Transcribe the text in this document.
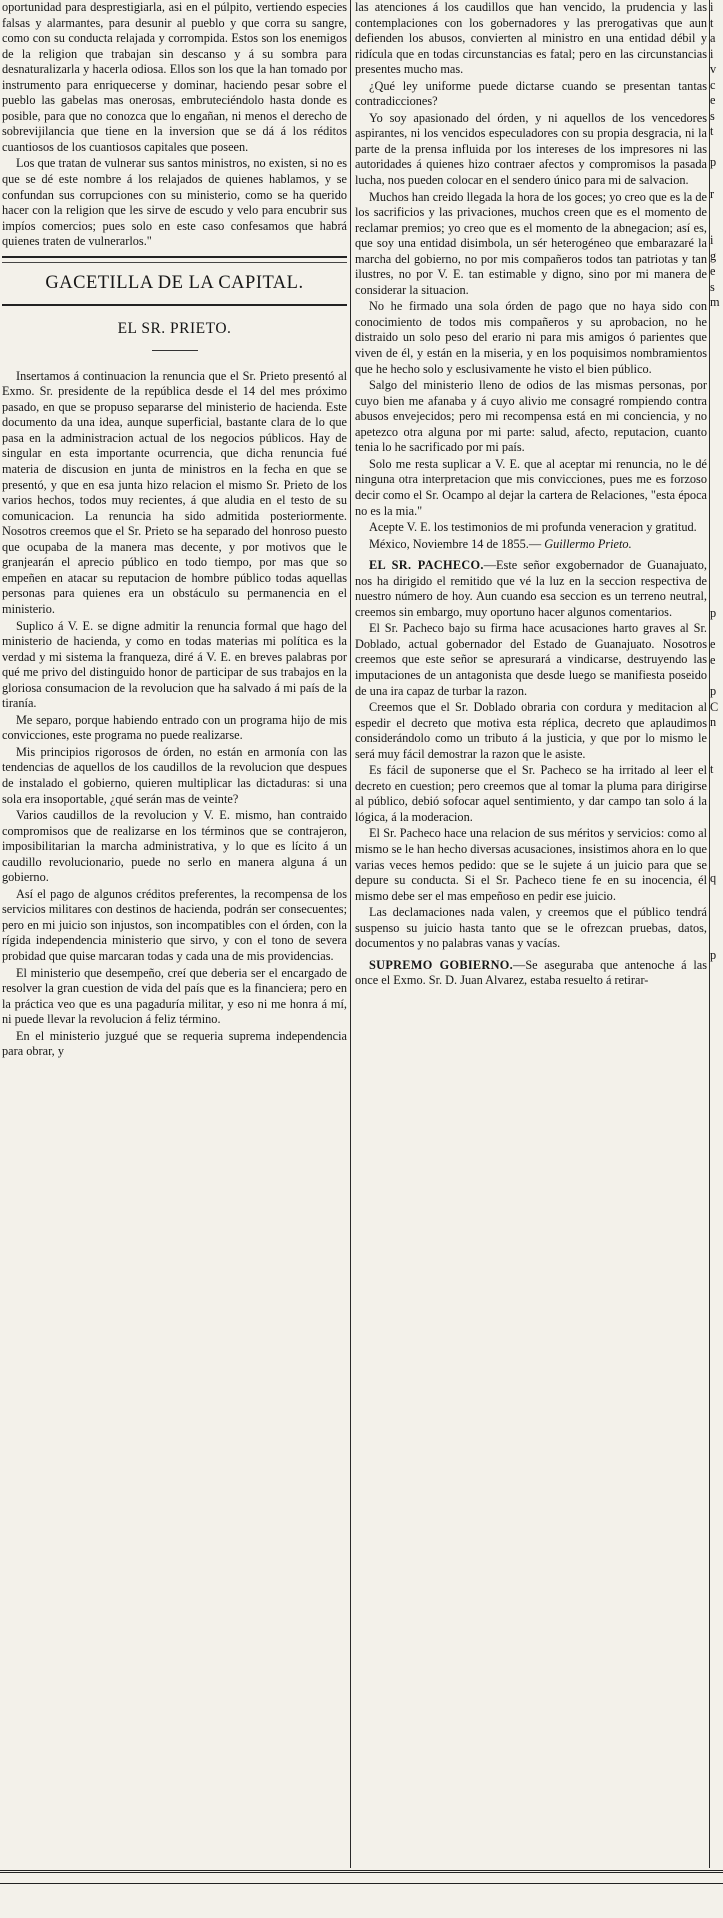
oportunidad para desprestigiarla, asi en el púlpito, vertiendo especies falsas y alarmantes, para desunir al pueblo y que corra su sangre, como con su conducta relajada y corrompida. Estos son los enemigos de la religion que trabajan sin descanso y á su sombra para desnaturalizarla y hacerla odiosa. Ellos son los que la han tomado por instrumento para enriquecerse y dominar, haciendo pesar sobre el pueblo las gabelas mas onerosas, embruteciéndolo hasta donde es posible, para que no conozca que lo engañan, ni menos el derecho de sobrevijilancia que tiene en la inversion que se dá á los réditos cuantiosos de los cuantiosos capitales que poseen.

Los que tratan de vulnerar sus santos ministros, no existen, si no es que se dé este nombre á los relajados de quienes hablamos, y se confundan sus corrupciones con su ministerio, como se ha querido hacer con la religion que les sirve de escudo y velo para encubrir sus impíos comercios; pues solo en este caso confesamos que habrá quienes traten de vulnerarlos."

GACETILLA DE LA CAPITAL.
EL SR. PRIETO.

Insertamos á continuacion la renuncia que el Sr. Prieto presentó al Exmo. Sr. presidente de la república desde el 14 del mes próximo pasado, en que se propuso separarse del ministerio de hacienda. Este documento da una idea, aunque superficial, bastante clara de lo que pasa en la administracion actual de los negocios públicos. Hay de singular en esta importante ocurrencia, que dicha renuncia fué materia de discusion en junta de ministros en la fecha en que se presentó, y que en esa junta hizo relacion el mismo Sr. Prieto de los varios hechos, todos muy recientes, á que aludia en el testo de su comunicacion. La renuncia ha sido admitida posteriormente. Nosotros creemos que el Sr. Prieto se ha separado del honroso puesto que ocupaba de la manera mas decente, y por motivos que le granjearán el aprecio público en todo tiempo, por mas que so empeñen en atacar su reputacion de hombre público todas aquellas personas para quienes era un obstáculo su permanencia en el ministerio.

Suplico á V. E. se digne admitir la renuncia formal que hago del ministerio de hacienda, y como en todas materias mi política es la verdad y mi sistema la franqueza, diré á V. E. en breves palabras por qué me privo del distinguido honor de participar de sus trabajos en la gloriosa consumacion de la revolucion que ha salvado á mi país de la tiranía.

Me separo, porque habiendo entrado con un programa hijo de mis convicciones, este programa no puede realizarse.

Mis principios rigorosos de órden, no están en armonía con las tendencias de aquellos de los caudillos de la revolucion que despues de instalado el gobierno, quieren multiplicar las dictaduras: si una sola era insoportable, ¿qué serán mas de veinte?

Varios caudillos de la revolucion y V. E. mismo, han contraido compromisos que de realizarse en los términos que se contrajeron, imposibilitarian la marcha administrativa, y lo que es lícito á un caudillo revolucionario, puede no serlo en manera alguna á un gobierno.

Así el pago de algunos créditos preferentes, la recompensa de los servicios militares con destinos de hacienda, podrán ser consecuentes; pero en mi juicio son injustos, son incompatibles con el órden, con la rígida independencia ministerio que sirvo, y con el tono de severa probidad que quise marcaran todas y cada una de mis providencias.

El ministerio que desempeño, creí que deberia ser el encargado de resolver la gran cuestion de vida del país que es la financiera; pero en la práctica veo que es una pagaduría militar, y eso ni me honra á mí, ni puede llevar la revolucion á feliz término.

En el ministerio juzgué que se requeria suprema independencia para obrar, y

las atenciones á los caudillos que han vencido, la prudencia y las contemplaciones con los gobernadores y las prerogativas que aun defienden los abusos, convierten al ministro en una entidad débil y ridícula que en todas circunstancias es fatal; pero en las circunstancias presentes mucho mas.

¿Qué ley uniforme puede dictarse cuando se presentan tantas contradicciones?

Yo soy apasionado del órden, y ni aquellos de los vencedores aspirantes, ni los vencidos especuladores con su propia desgracia, ni la parte de la prensa influida por los intereses de los impresores ni las autoridades á quienes hizo contraer afectos y compromisos la pasada lucha, nos pueden colocar en el sendero único para mi de salvacion.

Muchos han creido llegada la hora de los goces; yo creo que es la de los sacrificios y las privaciones, muchos creen que es el momento de reclamar premios; yo creo que es el momento de la abnegacion; así es, que soy una entidad disimbola, un sér heterogéneo que embarazaré la marcha del gobierno, no por mis compañeros todos tan patriotas y tan ilustres, no por V. E. tan estimable y digno, sino por mi manera de considerar la situacion.

No he firmado una sola órden de pago que no haya sido con conocimiento de todos mis compañeros y su aprobacion, no he distraido un solo peso del erario ni para mis amigos ó parientes que viven de él, y están en la miseria, y en los poquisimos nombramientos que he hecho solo y esclusivamente he visto el bien público.

Salgo del ministerio lleno de odios de las mismas personas, por cuyo bien me afanaba y á cuyo alivio me consagré rompiendo contra abusos envejecidos; pero mi recompensa está en mi conciencia, y no apetezco otra alguna por mi parte: salud, afecto, reputacion, cuanto tenia lo he sacrificado por mi país.

Solo me resta suplicar a V. E. que al aceptar mi renuncia, no le dé ninguna otra interpretacion que mis convicciones, pues me es forzoso decir como el Sr. Ocampo al dejar la cartera de Relaciones, "esta época no es la mia."

Acepte V. E. los testimonios de mi profunda veneracion y gratitud.

México, Noviembre 14 de 1855.— Guillermo Prieto.

EL SR. PACHECO.—Este señor exgobernador de Guanajuato, nos ha dirigido el remitido que vé la luz en la seccion respectiva de nuestro número de hoy. Aun cuando esa seccion es un terreno neutral, creemos sin embargo, muy oportuno hacer algunos comentarios.

El Sr. Pacheco bajo su firma hace acusaciones harto graves al Sr. Doblado, actual gobernador del Estado de Guanajuato. Nosotros creemos que este señor se apresurará a vindicarse, destruyendo las imputaciones de un antagonista que desde luego se manifiesta poseido de una ira capaz de turbar la razon.

Creemos que el Sr. Doblado obraria con cordura y meditacion al espedir el decreto que motiva esta réplica, decreto que aplaudimos considerándolo como un tributo á la justicia, y que por lo mismo le será muy fácil demostrar la razon que le asiste.

Es fácil de suponerse que el Sr. Pacheco se ha irritado al leer el decreto en cuestion; pero creemos que al tomar la pluma para dirigirse al público, debió sofocar aquel sentimiento, y dar campo tan solo á la lógica, á la moderacion.

El Sr. Pacheco hace una relacion de sus méritos y servicios: como al mismo se le han hecho diversas acusaciones, insistimos ahora en lo que varias veces hemos pedido: que se le sujete á un juicio para que se depure su conducta. Si el Sr. Pacheco tiene fe en su inocencia, él mismo debe ser el mas empeñoso en pedir ese juicio.

Las declamaciones nada valen, y creemos que el público tendrá suspenso su juicio hasta tanto que se le ofrezcan pruebas, datos, documentos y no palabras vanas y vacías.

SUPREMO GOBIERNO.—Se aseguraba que antenoche á las once el Exmo. Sr. D. Juan Alvarez, estaba resuelto á retirar-

i
t
a
i
v
c
e
s
t
p
r
i
g
e
s
m
p
e
e
p
C
n
t
q
p
